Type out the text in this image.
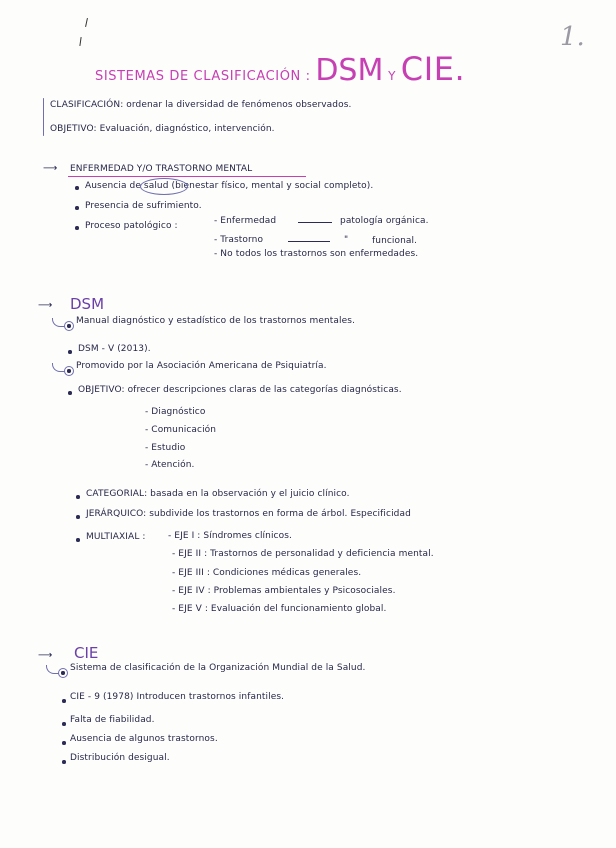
1.
SISTEMAS DE CLASIFICACIÓN : DSM Y CIE.
CLASIFICACIÓN: ordenar la diversidad de fenómenos observados.
OBJETIVO: Evaluación, diagnóstico, intervención.
⟶ ENFERMEDAD Y/O TRASTORNO MENTAL
Ausencia de salud (bienestar físico, mental y social completo).
Presencia de sufrimiento.
Proceso patológico :	- Enfermedad	patología orgánica.
- Trastorno	"	funcional.
- No todos los trastornos son enfermedades.
⟶ DSM
Manual diagnóstico y estadístico de los trastornos mentales.
DSM - V (2013).
Promovido por la Asociación Americana de Psiquiatría.
OBJETIVO: ofrecer descripciones claras de las categorías diagnósticas.
- Diagnóstico
- Comunicación
- Estudio
- Atención.
CATEGORIAL: basada en la observación y el juicio clínico.
JERÁRQUICO: subdivide los trastornos en forma de árbol. Especificidad
MULTIAXIAL : - EJE I : Síndromes clínicos.
- EJE II : Trastornos de personalidad y deficiencia mental.
- EJE III : Condiciones médicas generales.
- EJE IV : Problemas ambientales y Psicosociales.
- EJE V : Evaluación del funcionamiento global.
⟶ CIE
Sistema de clasificación de la Organización Mundial de la Salud.
CIE - 9 (1978) Introducen trastornos infantiles.
Falta de fiabilidad.
Ausencia de algunos trastornos.
Distribución desigual.
